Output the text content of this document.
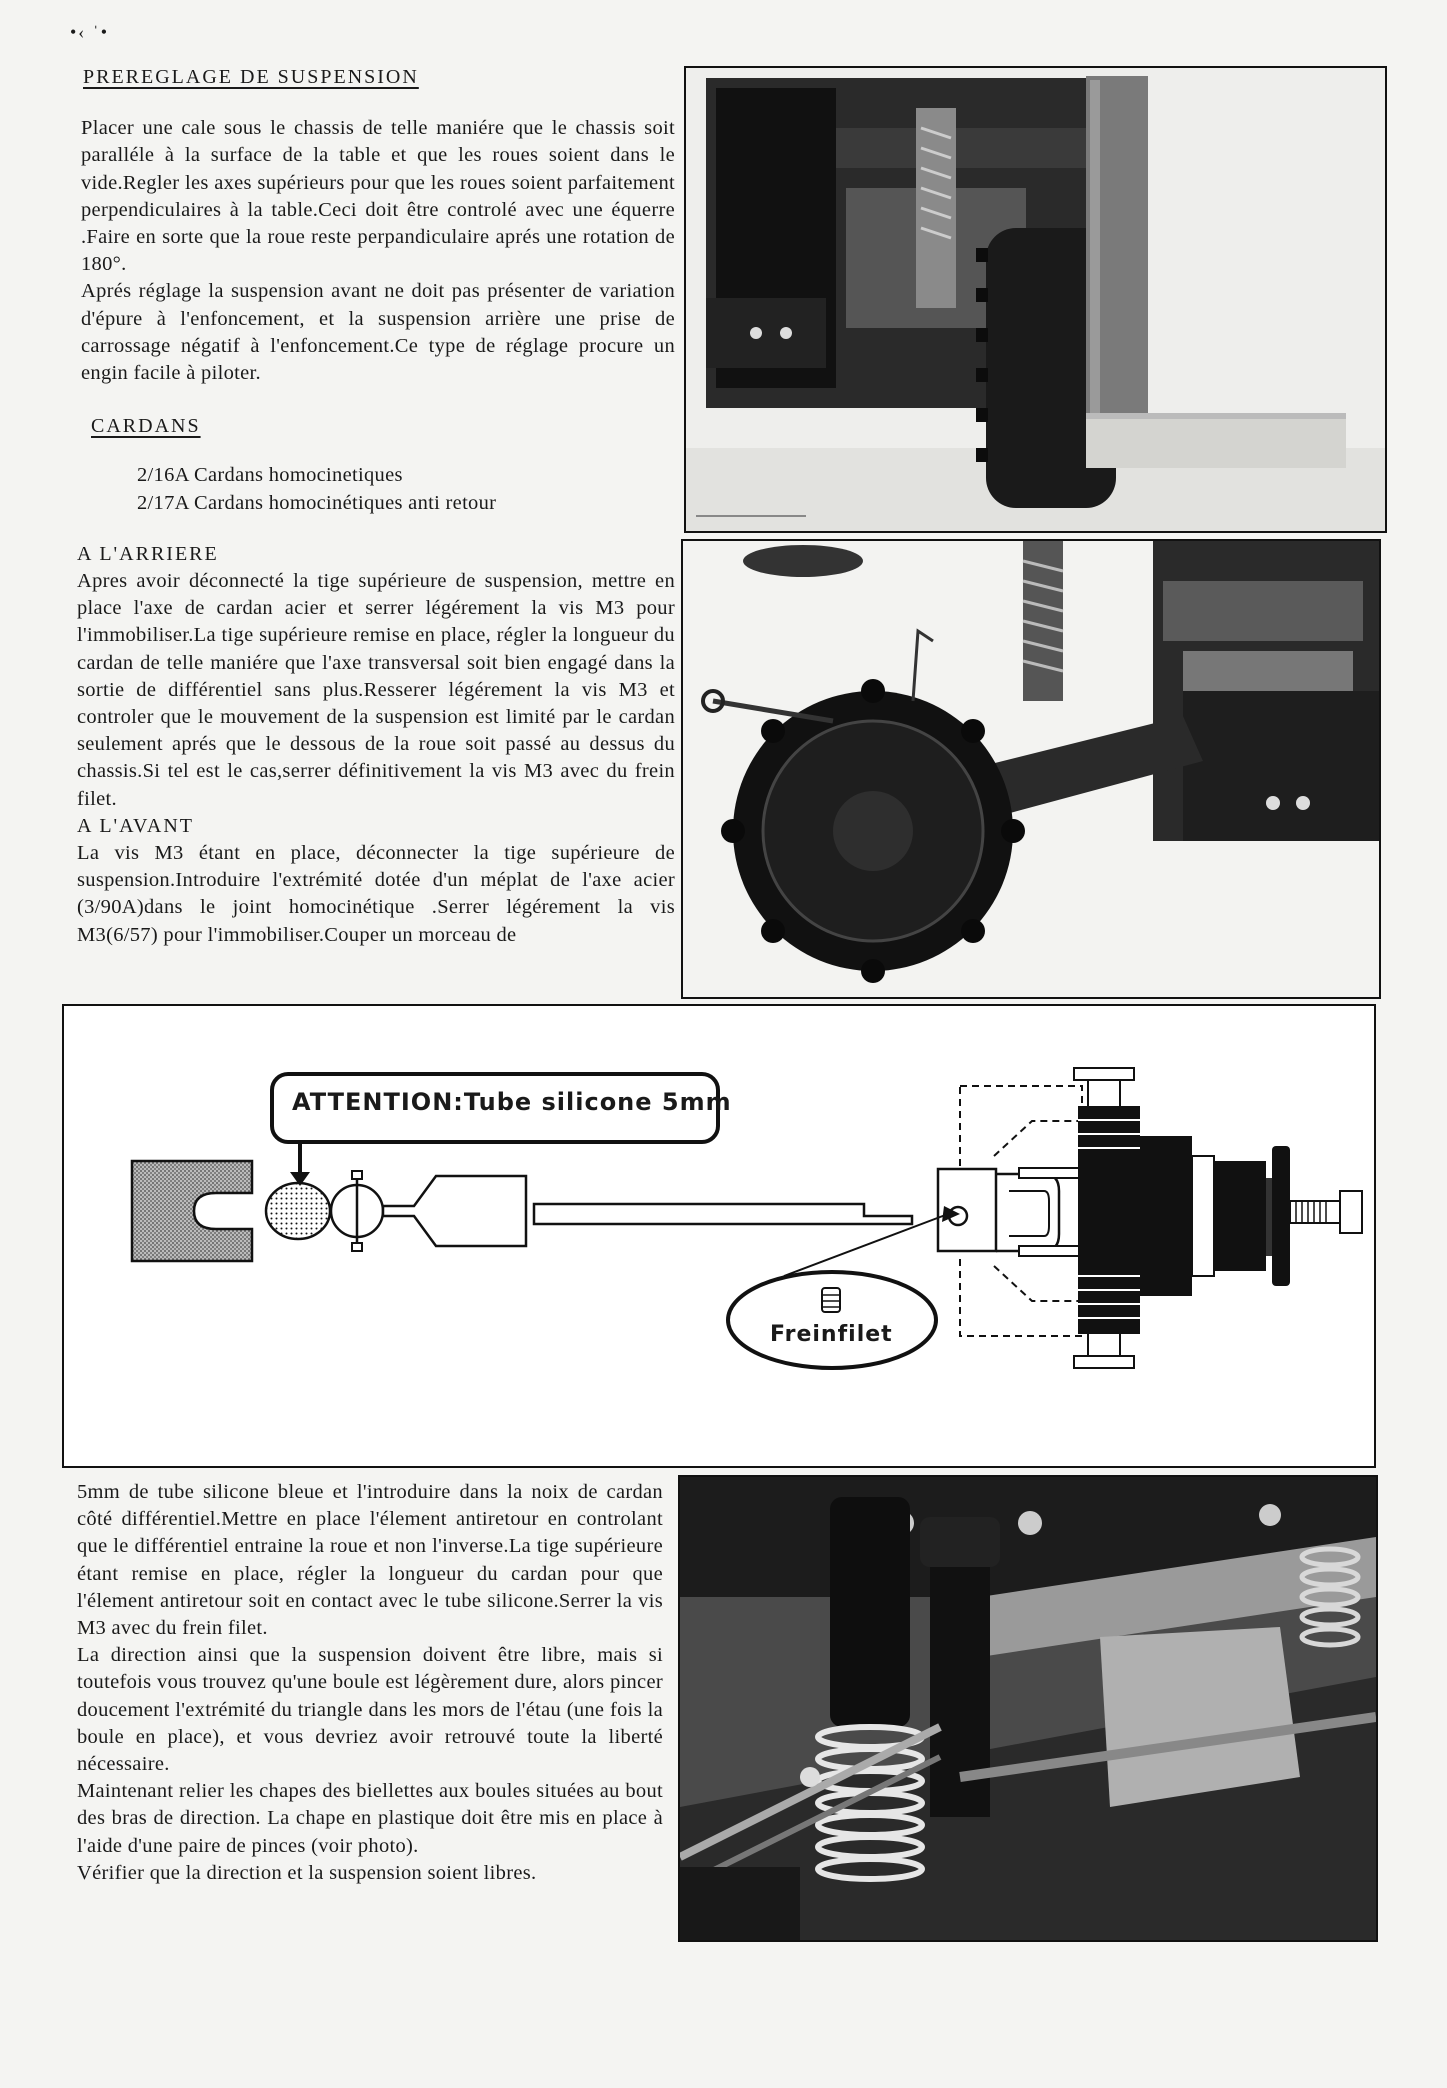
•‹ ˈ•
PREREGLAGE DE SUSPENSION

Placer une cale sous le chassis de telle maniére que le chassis soit paralléle à la surface de la table et que les roues soient dans le vide.Regler les axes supérieurs pour que les roues soient parfaitement perpendiculaires à la table.Ceci doit être controlé avec une équerre .Faire en sorte que la roue reste perpandiculaire aprés une rotation de 180°.

Aprés réglage la suspension avant ne doit pas présenter de variation d'épure à l'enfoncement, et la suspension arrière une prise de carrossage négatif à l'enfoncement.Ce type de réglage procure un engin facile à piloter.

CARDANS
2/16A Cardans homocinetiques
2/17A Cardans homocinétiques anti retour
A L'ARRIERE

Apres avoir déconnecté la tige supérieure de suspension, mettre en place l'axe de cardan acier et serrer légérement la vis M3 pour l'immobiliser.La tige supérieure remise en place, régler la longueur du cardan de telle maniére que l'axe transversal soit bien engagé dans la sortie de différentiel sans plus.Resserer légérement la vis M3 et controler que le mouvement de la suspension est limité par le cardan seulement aprés que le dessous de la roue soit passé au dessus du chassis.Si tel est le cas,serrer définitivement la vis M3 avec du frein filet.

A L'AVANT

La vis M3 étant en place, déconnecter la tige supérieure de suspension.Introduire l'extrémité dotée d'un méplat de l'axe acier (3/90A)dans le joint homocinétique .Serrer légérement la vis M3(6/57) pour l'immobiliser.Couper un morceau de

ATTENTION:Tube silicone 5mm
Freinfilet

5mm de tube silicone bleue et l'introduire dans la noix de cardan côté différentiel.Mettre en place l'élement antiretour en controlant que le différentiel entraine la roue et non l'inverse.La tige supérieure étant remise en place, régler la longueur du cardan pour que l'élement antiretour soit en contact avec le tube silicone.Serrer la vis M3 avec du frein filet.

La direction ainsi que la suspension doivent être libre, mais si toutefois vous trouvez qu'une boule est légèrement dure, alors pincer doucement l'extrémité du triangle dans les mors de l'étau (une fois la boule en place), et vous devriez avoir retrouvé toute la liberté nécessaire.

Maintenant relier les chapes des biellettes aux boules situées au bout des bras de direction. La chape en plastique doit être mis en place à l'aide d'une paire de pinces (voir photo).

Vérifier que la direction et la suspension soient libres.
